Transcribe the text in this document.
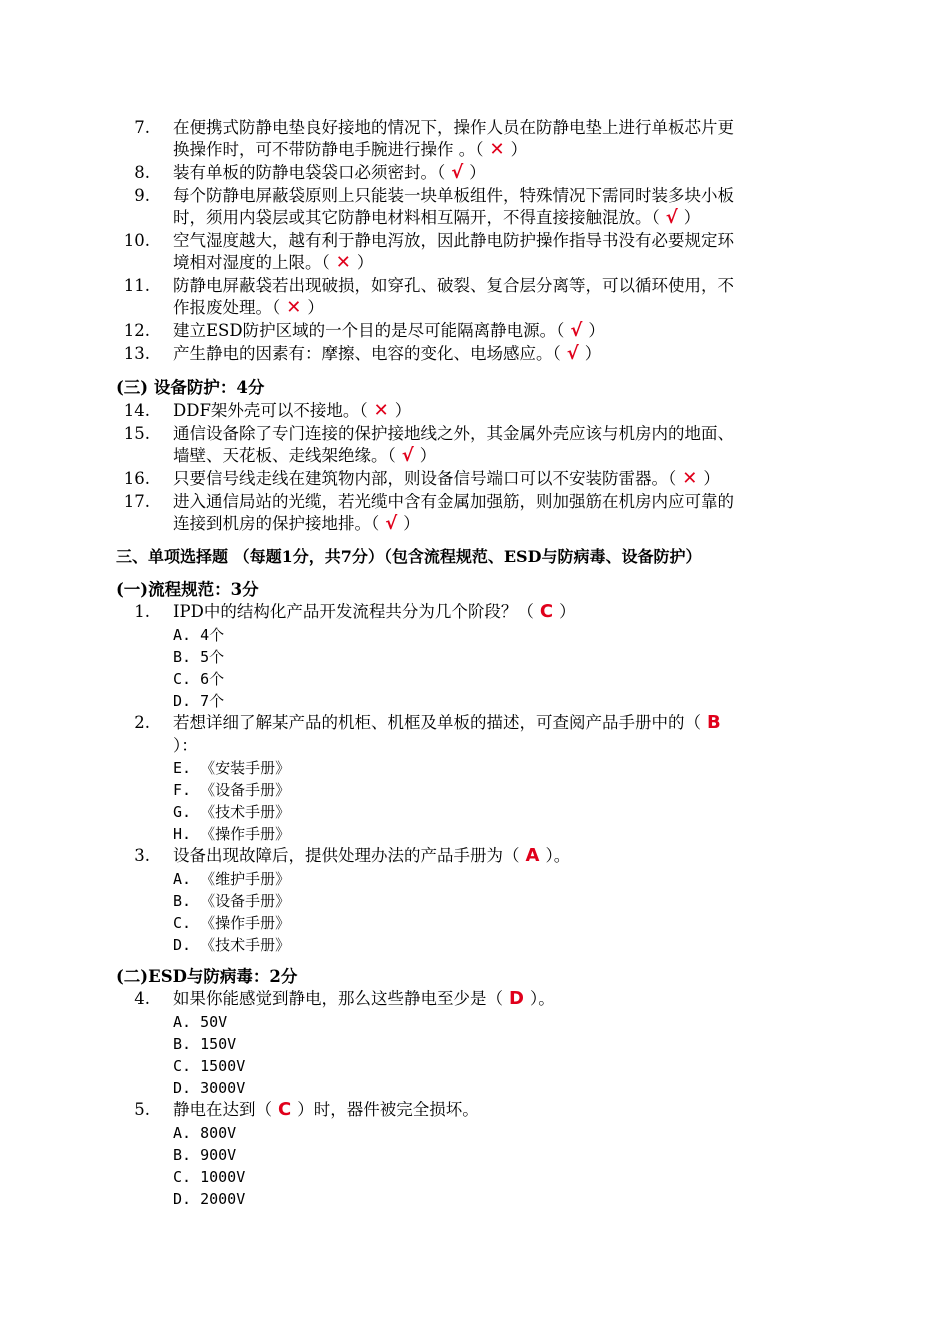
7. 在便携式防静电垫良好接地的情况下，操作人员在防静电垫上进行单板芯片更
换操作时，可不带防静电手腕进行操作 。（ ✕ ）
8. 装有单板的防静电袋袋口必须密封。（ √ ）
9. 每个防静电屏蔽袋原则上只能装一块单板组件，特殊情况下需同时装多块小板
时，须用内袋层或其它防静电材料相互隔开，不得直接接触混放。（ √ ）
10. 空气湿度越大，越有利于静电泻放，因此静电防护操作指导书没有必要规定环
境相对湿度的上限。（ ✕ ）
11. 防静电屏蔽袋若出现破损，如穿孔、破裂、复合层分离等，可以循环使用，不
作报废处理。（ ✕ ）
12. 建立ESD防护区域的一个目的是尽可能隔离静电源。（ √ ）
13. 产生静电的因素有：摩擦、电容的变化、电场感应。（ √ ）
(三) 设备防护：4分
14. DDF架外壳可以不接地。（ ✕ ）
15. 通信设备除了专门连接的保护接地线之外，其金属外壳应该与机房内的地面、
墙壁、天花板、走线架绝缘。（ √ ）
16. 只要信号线走线在建筑物内部，则设备信号端口可以不安装防雷器。（ ✕ ）
17. 进入通信局站的光缆，若光缆中含有金属加强筋，则加强筋在机房内应可靠的
连接到机房的保护接地排。（ √ ）
三、单项选择题 （每题1分，共7分）（包含流程规范、ESD与防病毒、设备防护）
(一)流程规范：3分
1. IPD中的结构化产品开发流程共分为几个阶段？（ C ）
A. 4个
B. 5个
C. 6个
D. 7个
2. 若想详细了解某产品的机柜、机框及单板的描述，可查阅产品手册中的（ B
）：
E. 《安装手册》
F. 《设备手册》
G. 《技术手册》
H. 《操作手册》
3. 设备出现故障后，提供处理办法的产品手册为（ A ）。
A. 《维护手册》
B. 《设备手册》
C. 《操作手册》
D. 《技术手册》
(二)ESD与防病毒：2分
4. 如果你能感觉到静电，那么这些静电至少是（ D ）。
A. 50V
B. 150V
C. 1500V
D. 3000V
5. 静电在达到（ C ）时，器件被完全损坏。
A. 800V
B. 900V
C. 1000V
D. 2000V
